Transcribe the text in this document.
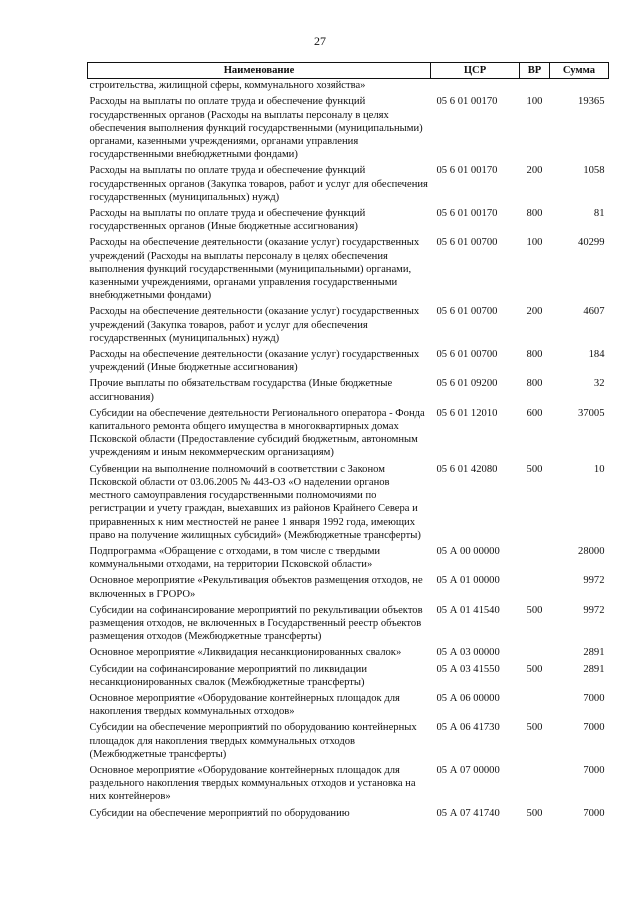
27
Наименование	ЦСР	ВР	Сумма
строительства, жилищной сферы, коммунального хозяйства»			
Расходы на выплаты по оплате труда и обеспечение функций государственных органов (Расходы на выплаты персоналу в целях обеспечения выполнения функций государственными (муниципальными) органами, казенными учреждениями, органами управления государственными внебюджетными фондами)	05 6 01 00170	100	19365
Расходы на выплаты по оплате труда и обеспечение функций государственных органов (Закупка товаров, работ и услуг для обеспечения государственных (муниципальных) нужд)	05 6 01 00170	200	1058
Расходы на выплаты по оплате труда и обеспечение функций государственных органов (Иные бюджетные ассигнования)	05 6 01 00170	800	81
Расходы на обеспечение деятельности (оказание услуг) государственных учреждений (Расходы на выплаты персоналу в целях обеспечения выполнения функций государственными (муниципальными) органами, казенными учреждениями, органами управления государственными внебюджетными фондами)	05 6 01 00700	100	40299
Расходы на обеспечение деятельности (оказание услуг) государственных учреждений (Закупка товаров, работ и услуг для обеспечения государственных (муниципальных) нужд)	05 6 01 00700	200	4607
Расходы на обеспечение деятельности (оказание услуг) государственных учреждений (Иные бюджетные ассигнования)	05 6 01 00700	800	184
Прочие выплаты по обязательствам государства (Иные бюджетные ассигнования)	05 6 01 09200	800	32
Субсидии на обеспечение деятельности Регионального оператора - Фонда капитального ремонта общего имущества в многоквартирных домах Псковской области (Предоставление субсидий бюджетным, автономным учреждениям и иным некоммерческим организациям)	05 6 01 12010	600	37005
Субвенции на выполнение полномочий в соответствии с Законом Псковской области от 03.06.2005 № 443-ОЗ «О наделении органов местного самоуправления государственными полномочиями по регистрации и учету граждан, выехавших из районов Крайнего Севера и приравненных к ним местностей не ранее 1 января 1992 года, имеющих право на получение жилищных субсидий» (Межбюджетные трансферты)	05 6 01 42080	500	10
Подпрограмма «Обращение с отходами, в том числе с твердыми коммунальными отходами, на территории Псковской области»	05 А 00 00000		28000
Основное мероприятие «Рекультивация объектов размещения отходов, не включенных в ГРОРО»	05 А 01 00000		9972
Субсидии на софинансирование мероприятий по рекультивации объектов размещения отходов, не включенных в Государственный реестр объектов размещения отходов (Межбюджетные трансферты)	05 А 01 41540	500	9972
Основное мероприятие «Ликвидация несанкционированных свалок»	05 А 03 00000		2891
Субсидии на софинансирование мероприятий по ликвидации несанкционированных свалок (Межбюджетные трансферты)	05 А 03 41550	500	2891
Основное мероприятие «Оборудование контейнерных площадок для накопления твердых коммунальных отходов»	05 А 06 00000		7000
Субсидии на обеспечение мероприятий по оборудованию контейнерных площадок для накопления твердых коммунальных отходов (Межбюджетные трансферты)	05 А 06 41730	500	7000
Основное мероприятие «Оборудование контейнерных площадок для раздельного накопления твердых коммунальных отходов и установка на них контейнеров»	05 А 07 00000		7000
Субсидии на обеспечение мероприятий по оборудованию	05 А 07 41740	500	7000
